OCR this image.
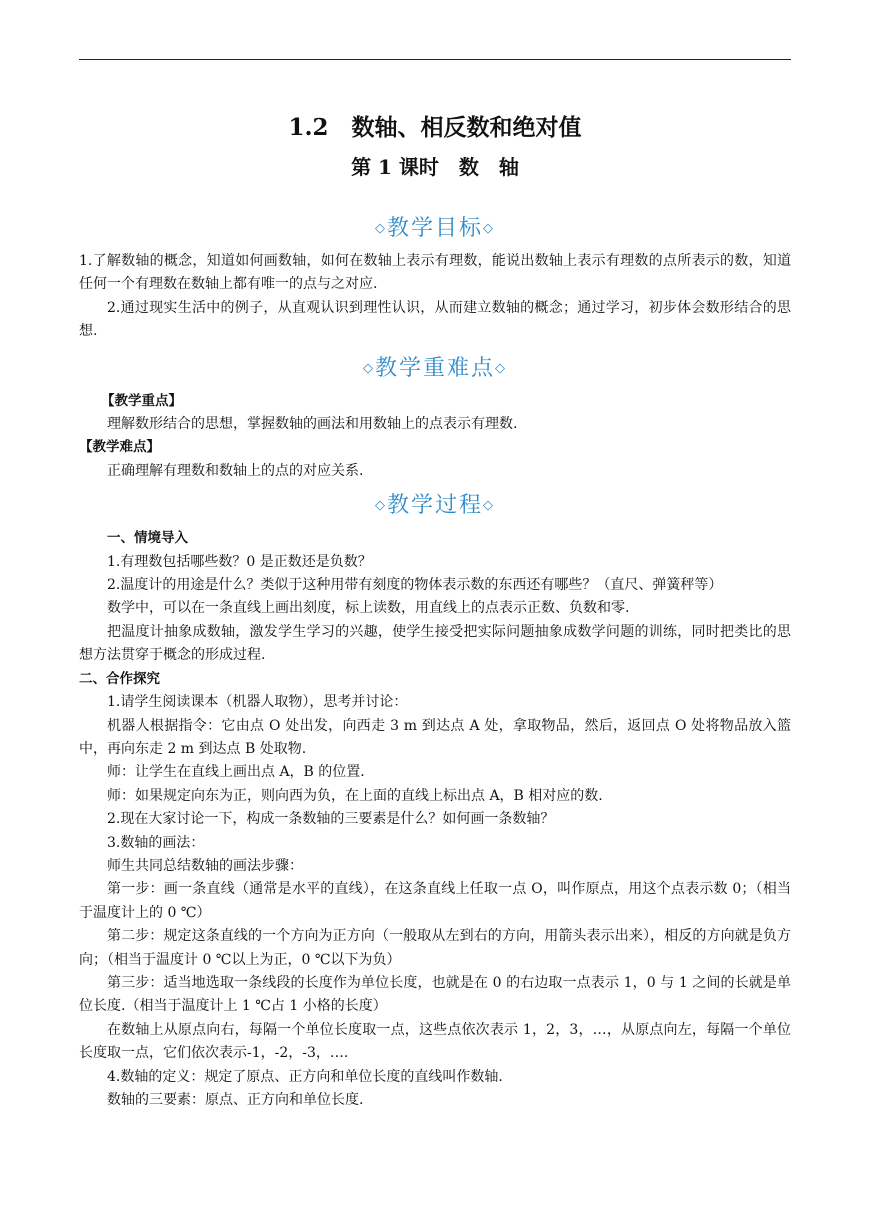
1.2　数轴、相反数和绝对值
第 1 课时　数　轴
◇教学目标◇

1.了解数轴的概念，知道如何画数轴，如何在数轴上表示有理数，能说出数轴上表示有理数的点所表示的数，知道任何一个有理数在数轴上都有唯一的点与之对应.

2.通过现实生活中的例子，从直观认识到理性认识，从而建立数轴的概念；通过学习，初步体会数形结合的思想.

◇教学重难点◇

【教学重点】

理解数形结合的思想，掌握数轴的画法和用数轴上的点表示有理数.

【教学难点】

正确理解有理数和数轴上的点的对应关系.

◇教学过程◇

一、情境导入

1.有理数包括哪些数？0 是正数还是负数？

2.温度计的用途是什么？类似于这种用带有刻度的物体表示数的东西还有哪些？（直尺、弹簧秤等）

数学中，可以在一条直线上画出刻度，标上读数，用直线上的点表示正数、负数和零.

把温度计抽象成数轴，激发学生学习的兴趣，使学生接受把实际问题抽象成数学问题的训练，同时把类比的思想方法贯穿于概念的形成过程.

二、合作探究

1.请学生阅读课本（机器人取物），思考并讨论：

机器人根据指令：它由点 O 处出发，向西走 3 m 到达点 A 处，拿取物品，然后，返回点 O 处将物品放入篮中，再向东走 2 m 到达点 B 处取物.

师：让学生在直线上画出点 A，B 的位置.

师：如果规定向东为正，则向西为负，在上面的直线上标出点 A，B 相对应的数.

2.现在大家讨论一下，构成一条数轴的三要素是什么？如何画一条数轴？

3.数轴的画法：

师生共同总结数轴的画法步骤：

第一步：画一条直线（通常是水平的直线），在这条直线上任取一点 O，叫作原点，用这个点表示数 0；（相当于温度计上的 0 ℃）

第二步：规定这条直线的一个方向为正方向（一般取从左到右的方向，用箭头表示出来），相反的方向就是负方向；（相当于温度计 0 ℃以上为正，0 ℃以下为负）

第三步：适当地选取一条线段的长度作为单位长度，也就是在 0 的右边取一点表示 1，0 与 1 之间的长就是单位长度.（相当于温度计上 1 ℃占 1 小格的长度）

在数轴上从原点向右，每隔一个单位长度取一点，这些点依次表示 1，2，3，…，从原点向左，每隔一个单位长度取一点，它们依次表示-1，-2，-3，….

4.数轴的定义：规定了原点、正方向和单位长度的直线叫作数轴.

数轴的三要素：原点、正方向和单位长度.
